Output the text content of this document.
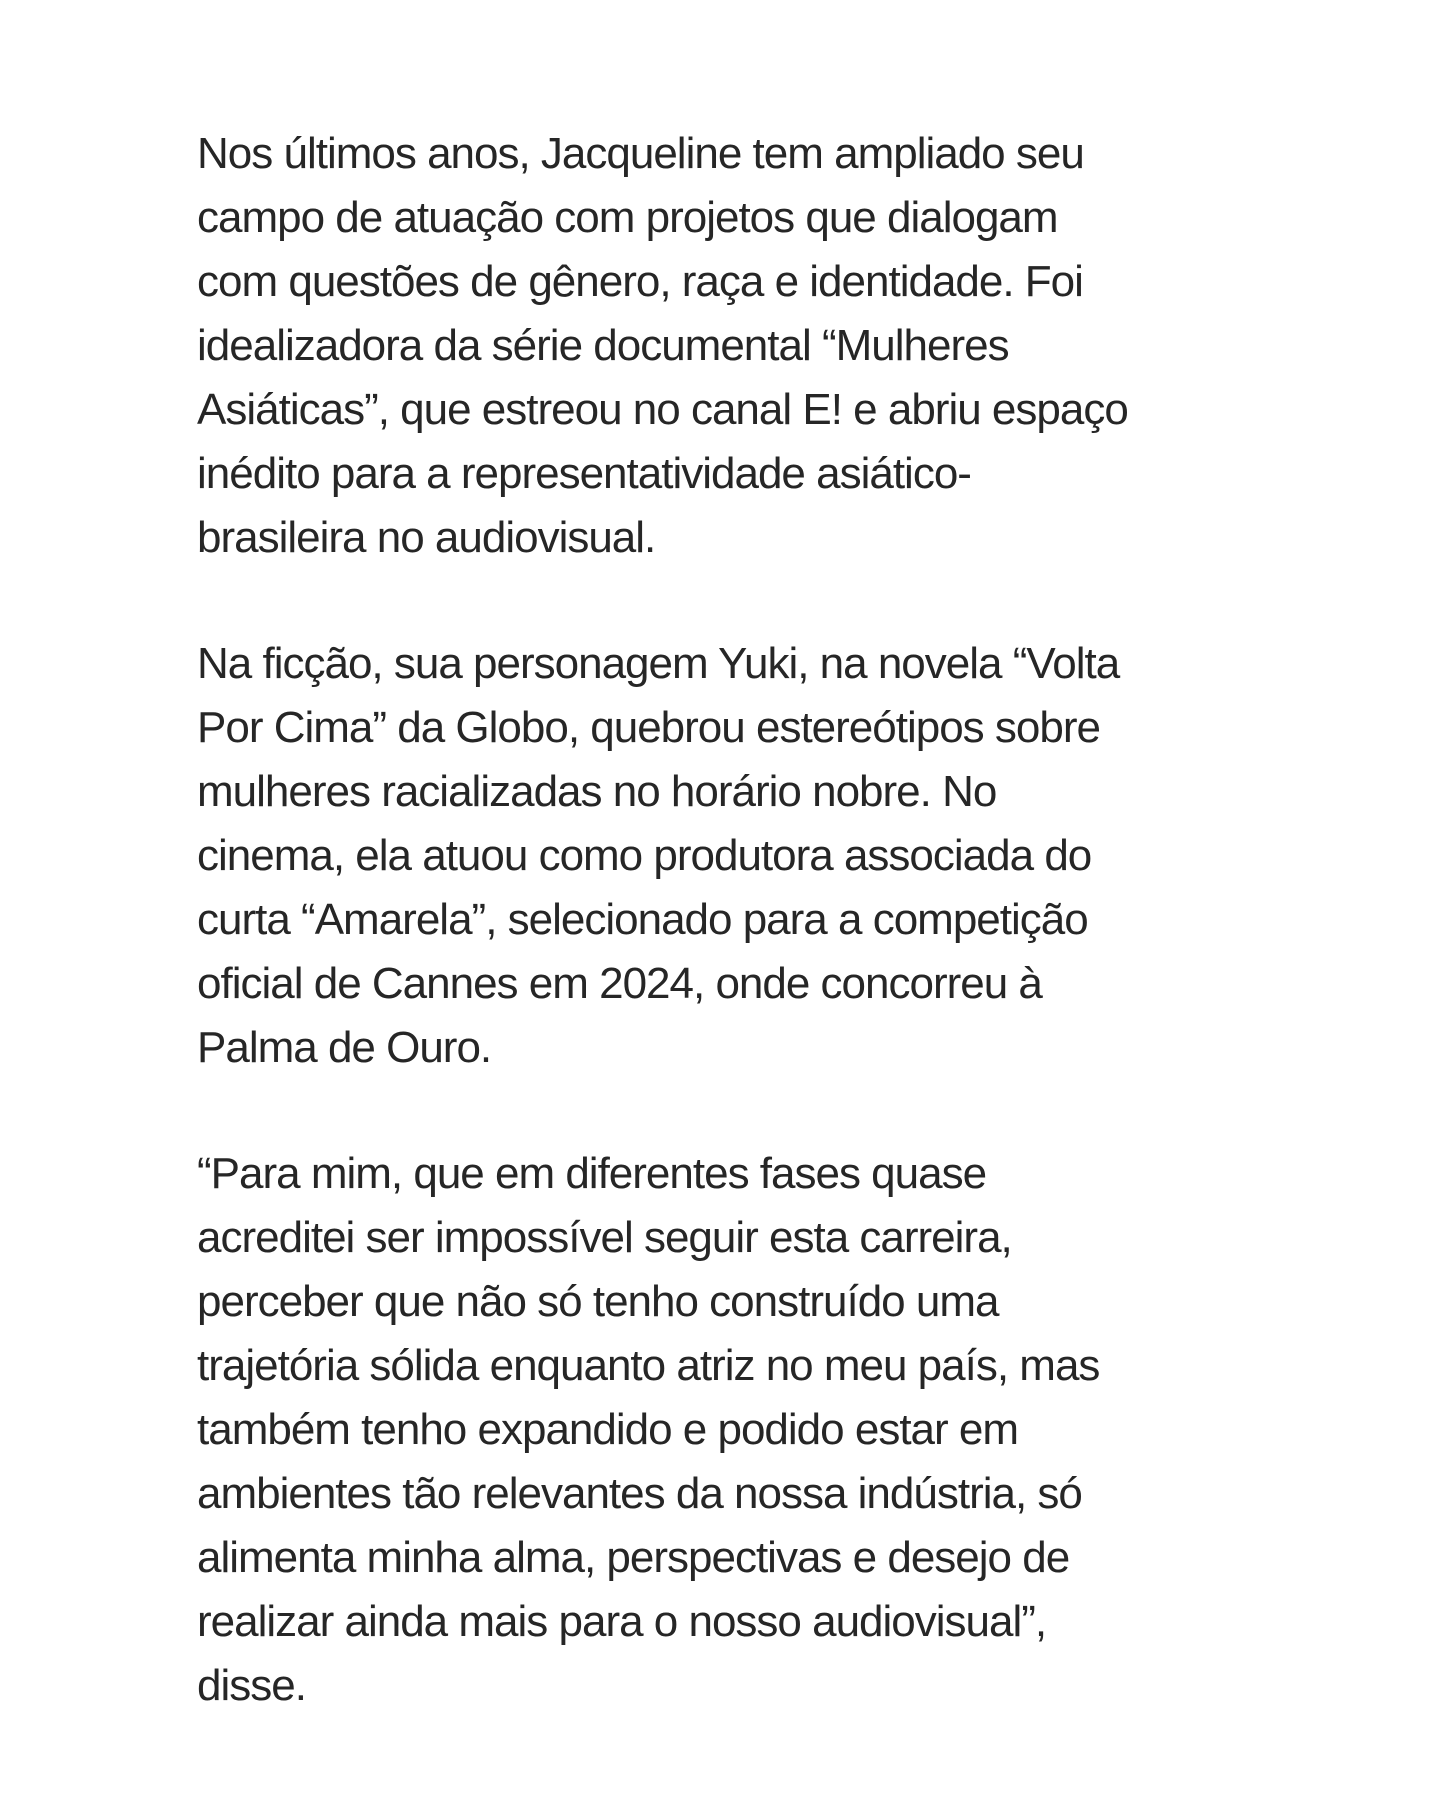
Nos últimos anos, Jacqueline tem ampliado seu
campo de atuação com projetos que dialogam
com questões de gênero, raça e identidade. Foi
idealizadora da série documental “Mulheres
Asiáticas”, que estreou no canal E! e abriu espaço
inédito para a representatividade asiático-
brasileira no audiovisual.

Na ficção, sua personagem Yuki, na novela “Volta
Por Cima” da Globo, quebrou estereótipos sobre
mulheres racializadas no horário nobre. No
cinema, ela atuou como produtora associada do
curta “Amarela”, selecionado para a competição
oficial de Cannes em 2024, onde concorreu à
Palma de Ouro.

“Para mim, que em diferentes fases quase
acreditei ser impossível seguir esta carreira,
perceber que não só tenho construído uma
trajetória sólida enquanto atriz no meu país, mas
também tenho expandido e podido estar em
ambientes tão relevantes da nossa indústria, só
alimenta minha alma, perspectivas e desejo de
realizar ainda mais para o nosso audiovisual”,
disse.
